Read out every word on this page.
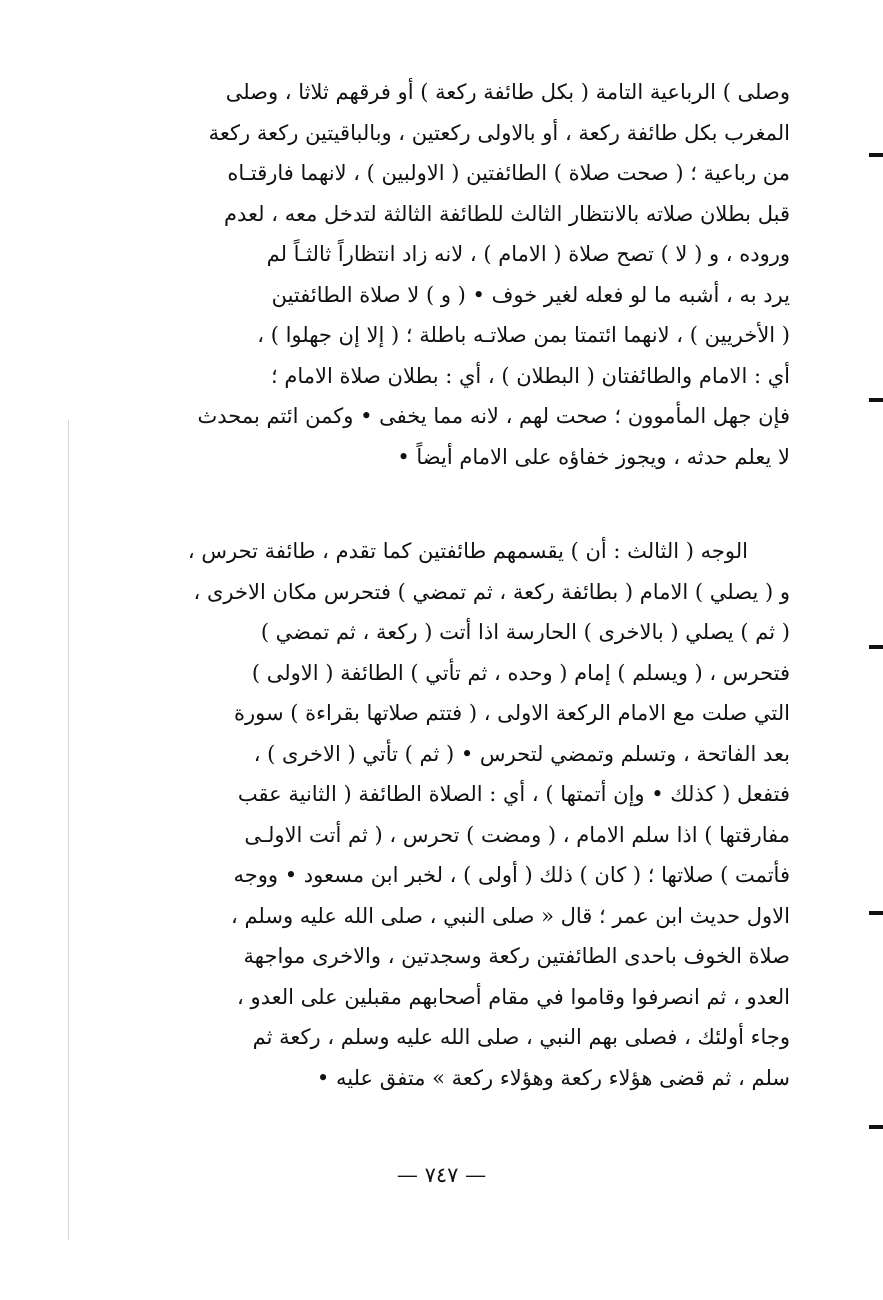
وصلى ) الرباعية التامة ( بكل طائفة ركعة ) أو فرقهم ثلاثا ، وصلى
المغرب بكل طائفة ركعة ، أو بالاولى ركعتين ، وبالباقيتين ركعة ركعة
من رباعية ؛ ( صحت صلاة ) الطائفتين ( الاولبين ) ، لانهما فارقتـاه
قبل بطلان صلاته بالانتظار الثالث للطائفة الثالثة لتدخل معه ، لعدم
وروده ، و ( لا ) تصح صلاة ( الامام ) ، لانه زاد انتظاراً ثالثـاً لم
يرد به ، أشبه ما لو فعله لغير خوف • ( و ) لا صلاة الطائفتين
( الأخريين ) ، لانهما ائتمتا بمن صلاتـه باطلة ؛ ( إلا إن جهلوا ) ،
أي : الامام والطائفتان ( البطلان ) ، أي : بطلان صلاة الامام ؛
فإن جهل المأموون ؛ صحت لهم ، لانه مما يخفى • وكمن ائتم بمحدث
لا يعلم حدثه ، ويجوز خفاؤه على الامام أيضاً •
الوجه ( الثالث : أن ) يقسمهم طائفتين كما تقدم ، طائفة تحرس ،
و ( يصلي ) الامام ( بطائفة ركعة ، ثم تمضي ) فتحرس مكان الاخرى ،
( ثم ) يصلي ( بالاخرى ) الحارسة اذا أتت ( ركعة ، ثم تمضي )
فتحرس ، ( ويسلم ) إمام ( وحده ، ثم تأتي ) الطائفة ( الاولى )
التي صلت مع الامام الركعة الاولى ، ( فتتم صلاتها بقراءة ) سورة
بعد الفاتحة ، وتسلم وتمضي لتحرس • ( ثم ) تأتي ( الاخرى ) ،
فتفعل ( كذلك • وإن أتمتها ) ، أي : الصلاة الطائفة ( الثانية عقب
مفارقتها ) اذا سلم الامام ، ( ومضت ) تحرس ، ( ثم أتت الاولـى
فأتمت ) صلاتها ؛ ( كان ) ذلك ( أولى ) ، لخبر ابن مسعود • ووجه
الاول حديث ابن عمر ؛ قال « صلى النبي ، صلى الله عليه وسلم ،
صلاة الخوف باحدى الطائفتين ركعة وسجدتين ، والاخرى مواجهة
العدو ، ثم انصرفوا وقاموا في مقام أصحابهم مقبلين على العدو ،
وجاء أولئك ، فصلى بهم النبي ، صلى الله عليه وسلم ، ركعة ثم
سلم ، ثم قضى هؤلاء ركعة وهؤلاء ركعة » متفق عليه •
— ٧٤٧ —
